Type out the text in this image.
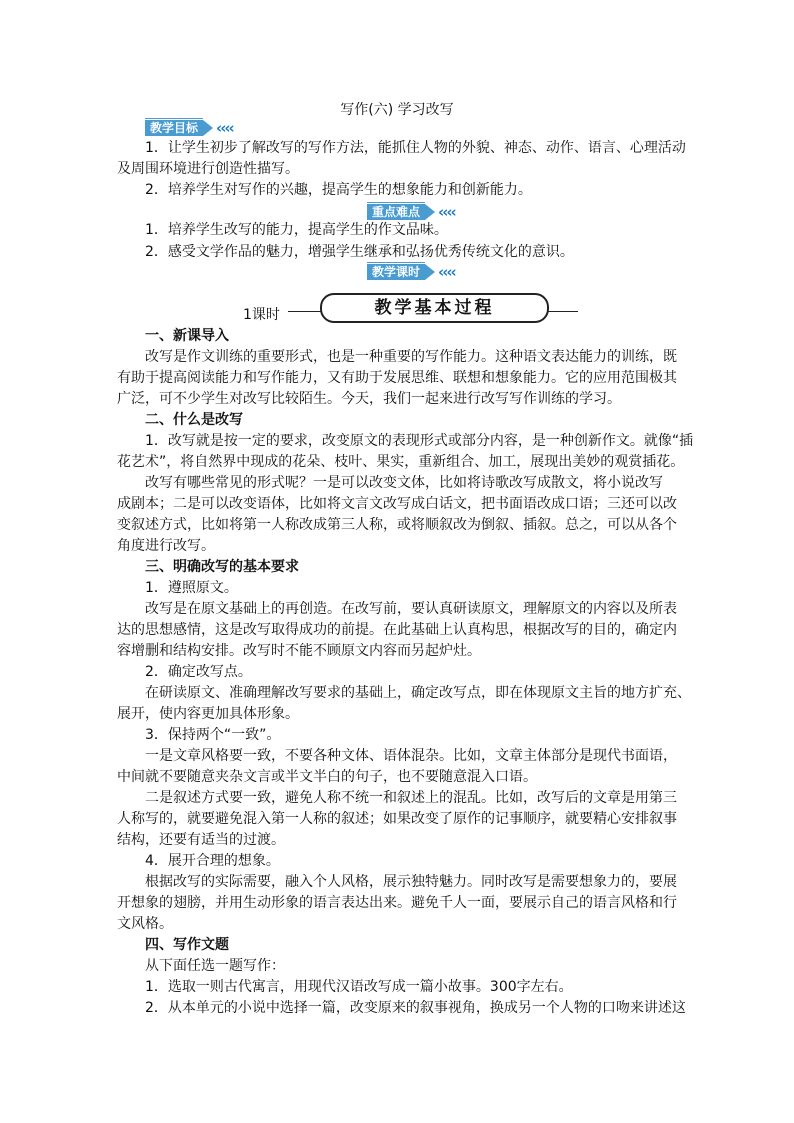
写作(六) 学习改写
教学目标	‹‹‹‹
1．让学生初步了解改写的写作方法，能抓住人物的外貌、神态、动作、语言、心理活动
及周围环境进行创造性描写。
2．培养学生对写作的兴趣，提高学生的想象能力和创新能力。
重点难点	‹‹‹‹
1．培养学生改写的能力，提高学生的作文品味。
2．感受文学作品的魅力，增强学生继承和弘扬优秀传统文化的意识。
教学课时	‹‹‹‹
1课时	教学基本过程
一、新课导入
改写是作文训练的重要形式，也是一种重要的写作能力。这种语文表达能力的训练，既
有助于提高阅读能力和写作能力，又有助于发展思维、联想和想象能力。它的应用范围极其
广泛，可不少学生对改写比较陌生。今天，我们一起来进行改写写作训练的学习。
二、什么是改写
1．改写就是按一定的要求，改变原文的表现形式或部分内容，是一种创新作文。就像“插
花艺术”，将自然界中现成的花朵、枝叶、果实，重新组合、加工，展现出美妙的观赏插花。
改写有哪些常见的形式呢？一是可以改变文体，比如将诗歌改写成散文，将小说改写
成剧本；二是可以改变语体，比如将文言文改写成白话文，把书面语改成口语；三还可以改
变叙述方式，比如将第一人称改成第三人称，或将顺叙改为倒叙、插叙。总之，可以从各个
角度进行改写。
三、明确改写的基本要求
1．遵照原文。
改写是在原文基础上的再创造。在改写前，要认真研读原文，理解原文的内容以及所表
达的思想感情，这是改写取得成功的前提。在此基础上认真构思，根据改写的目的，确定内
容增删和结构安排。改写时不能不顾原文内容而另起炉灶。
2．确定改写点。
在研读原文、准确理解改写要求的基础上，确定改写点，即在体现原文主旨的地方扩充、
展开，使内容更加具体形象。
3．保持两个“一致”。
一是文章风格要一致，不要各种文体、语体混杂。比如，文章主体部分是现代书面语，
中间就不要随意夹杂文言或半文半白的句子，也不要随意混入口语。
二是叙述方式要一致，避免人称不统一和叙述上的混乱。比如，改写后的文章是用第三
人称写的，就要避免混入第一人称的叙述；如果改变了原作的记事顺序，就要精心安排叙事
结构，还要有适当的过渡。
4．展开合理的想象。
根据改写的实际需要，融入个人风格，展示独特魅力。同时改写是需要想象力的，要展
开想象的翅膀，并用生动形象的语言表达出来。避免千人一面，要展示自己的语言风格和行
文风格。
四、写作文题
从下面任选一题写作：
1．选取一则古代寓言，用现代汉语改写成一篇小故事。300字左右。
2．从本单元的小说中选择一篇，改变原来的叙事视角，换成另一个人物的口吻来讲述这
